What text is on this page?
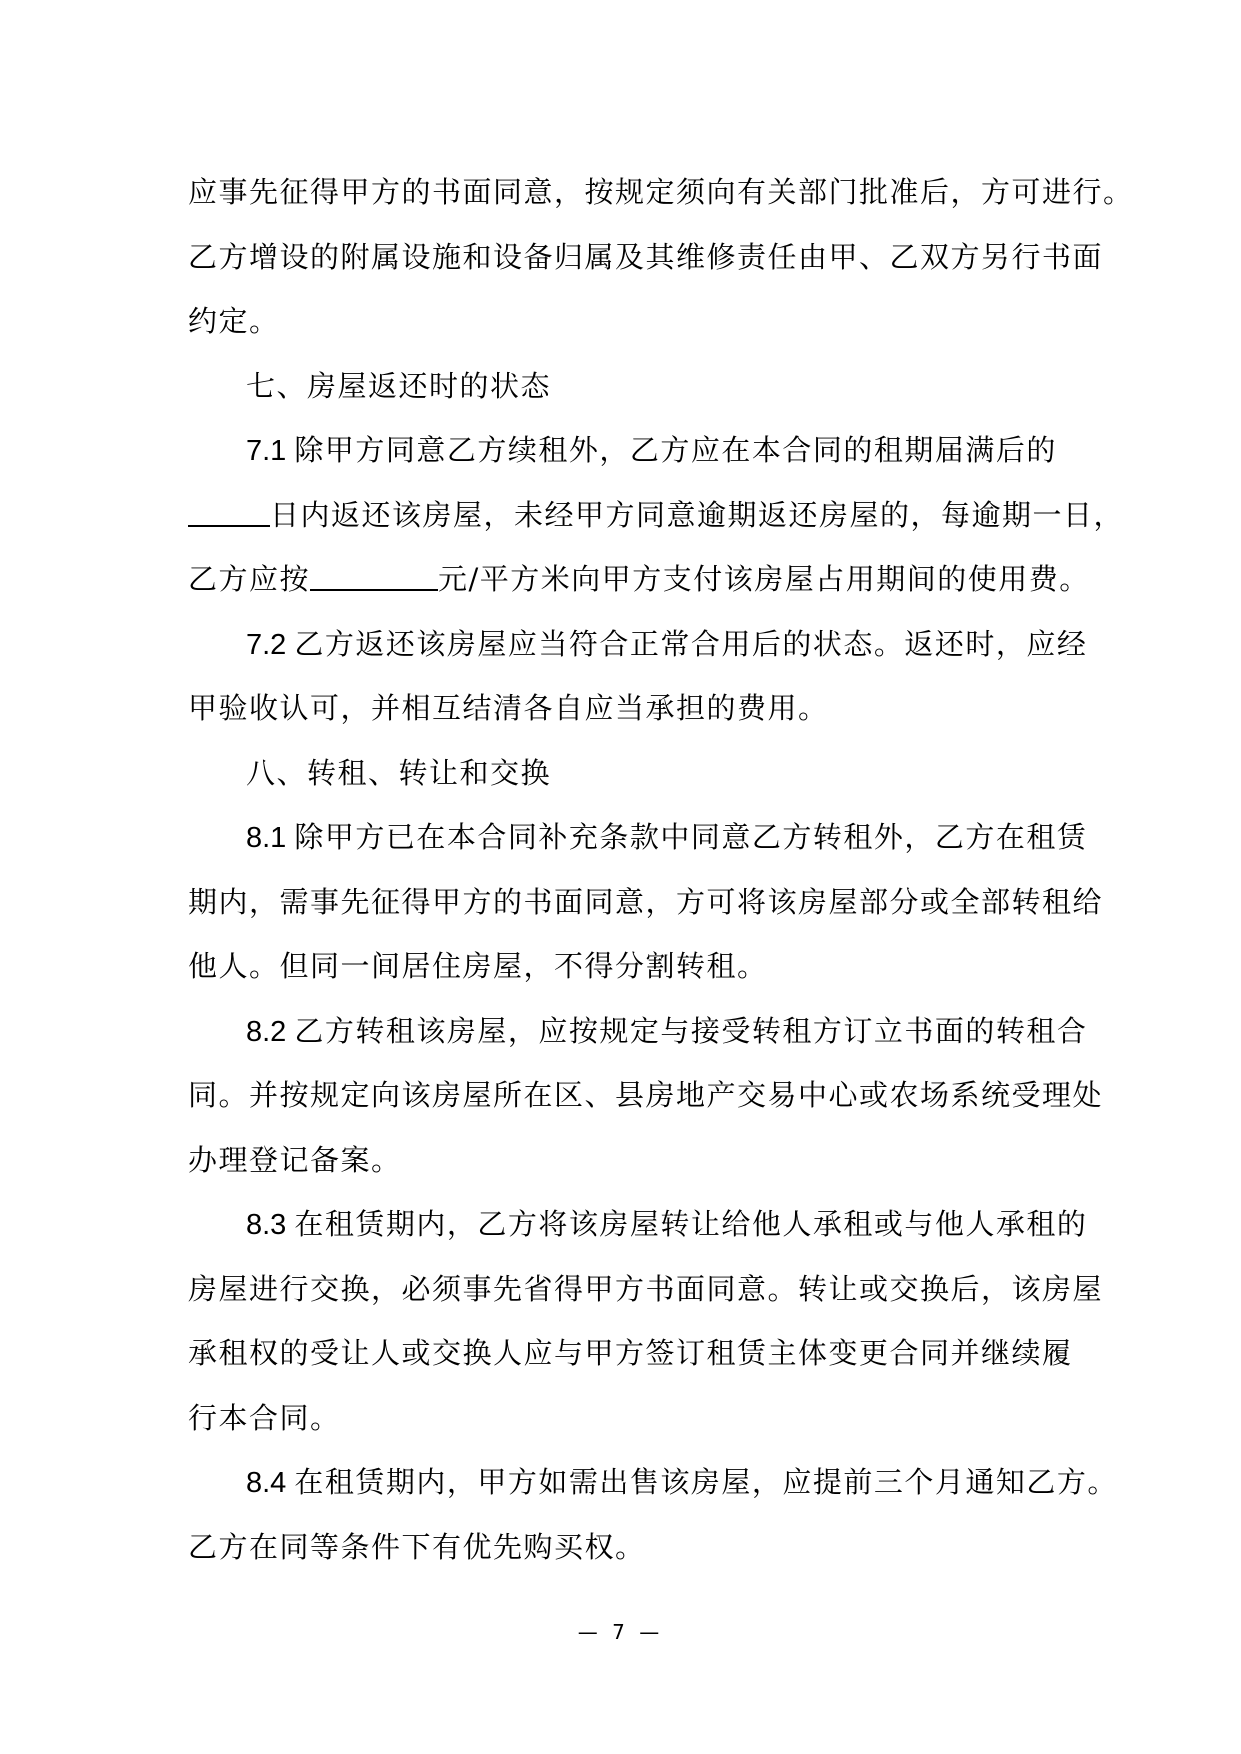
应事先征得甲方的书面同意，按规定须向有关部门批准后，方可进行。
乙方增设的附属设施和设备归属及其维修责任由甲、乙双方另行书面
约定。
七、房屋返还时的状态
7.1 除甲方同意乙方续租外，乙方应在本合同的租期届满后的
日内返还该房屋，未经甲方同意逾期返还房屋的，每逾期一日，
乙方应按	元/平方米向甲方支付该房屋占用期间的使用费。
7.2 乙方返还该房屋应当符合正常合用后的状态。返还时，应经
甲验收认可，并相互结清各自应当承担的费用。
八、转租、转让和交换
8.1 除甲方已在本合同补充条款中同意乙方转租外，乙方在租赁
期内，需事先征得甲方的书面同意，方可将该房屋部分或全部转租给
他人。但同一间居住房屋，不得分割转租。
8.2 乙方转租该房屋，应按规定与接受转租方订立书面的转租合
同。并按规定向该房屋所在区、县房地产交易中心或农场系统受理处
办理登记备案。
8.3 在租赁期内，乙方将该房屋转让给他人承租或与他人承租的
房屋进行交换，必须事先省得甲方书面同意。转让或交换后，该房屋
承租权的受让人或交换人应与甲方签订租赁主体变更合同并继续履
行本合同。
8.4 在租赁期内，甲方如需出售该房屋，应提前三个月通知乙方。
乙方在同等条件下有优先购买权。
— 7 —
